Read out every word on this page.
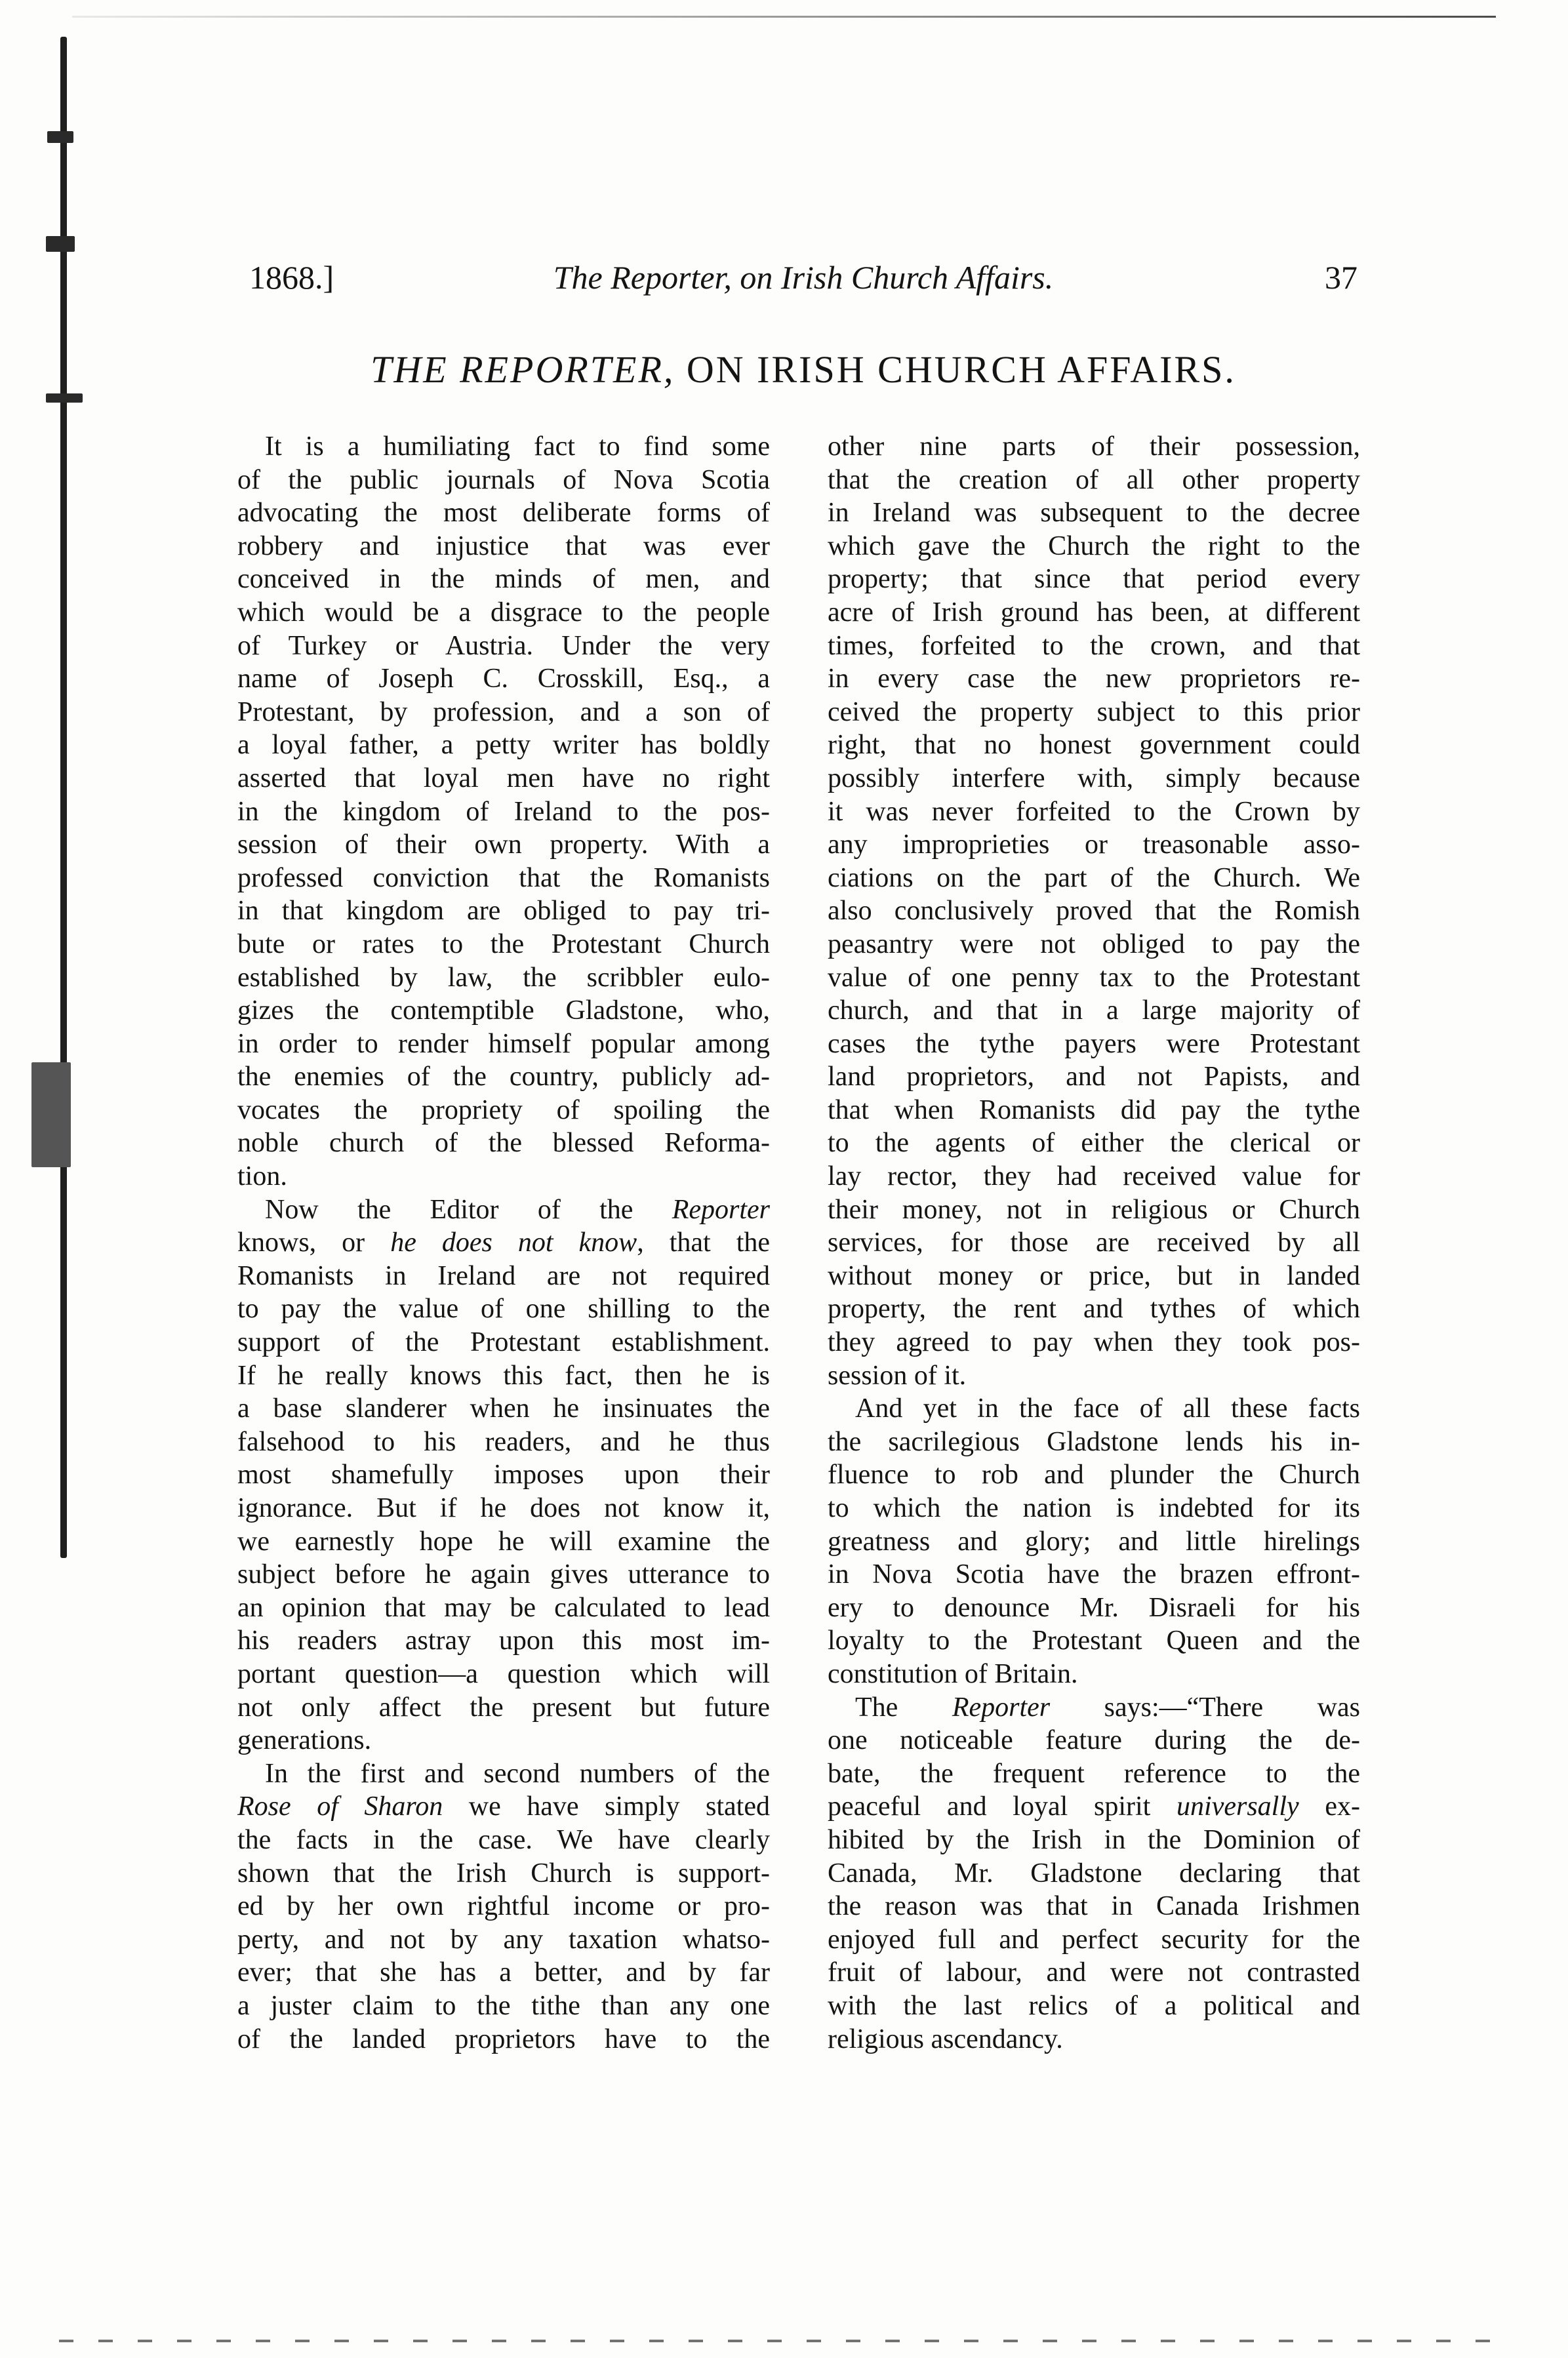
1868.]	The Reporter, on Irish Church Affairs.	37
THE REPORTER, ON IRISH CHURCH AFFAIRS.
It is a humiliating fact to find some
of the public journals of Nova Scotia
advocating the most deliberate forms of
robbery and injustice that was ever
conceived in the minds of men, and
which would be a disgrace to the people
of Turkey or Austria. Under the very
name of Joseph C. Crosskill, Esq., a
Protestant, by profession, and a son of
a loyal father, a petty writer has boldly
asserted that loyal men have no right
in the kingdom of Ireland to the pos-
session of their own property. With a
professed conviction that the Romanists
in that kingdom are obliged to pay tri-
bute or rates to the Protestant Church
established by law, the scribbler eulo-
gizes the contemptible Gladstone, who,
in order to render himself popular among
the enemies of the country, publicly ad-
vocates the propriety of spoiling the
noble church of the blessed Reforma-
tion.
Now the Editor of the Reporter
knows, or he does not know, that the
Romanists in Ireland are not required
to pay the value of one shilling to the
support of the Protestant establishment.
If he really knows this fact, then he is
a base slanderer when he insinuates the
falsehood to his readers, and he thus
most shamefully imposes upon their
ignorance. But if he does not know it,
we earnestly hope he will examine the
subject before he again gives utterance to
an opinion that may be calculated to lead
his readers astray upon this most im-
portant question—a question which will
not only affect the present but future
generations.
In the first and second numbers of the
Rose of Sharon we have simply stated
the facts in the case. We have clearly
shown that the Irish Church is support-
ed by her own rightful income or pro-
perty, and not by any taxation whatso-
ever; that she has a better, and by far
a juster claim to the tithe than any one
of the landed proprietors have to the
other nine parts of their possession,
that the creation of all other property
in Ireland was subsequent to the decree
which gave the Church the right to the
property; that since that period every
acre of Irish ground has been, at different
times, forfeited to the crown, and that
in every case the new proprietors re-
ceived the property subject to this prior
right, that no honest government could
possibly interfere with, simply because
it was never forfeited to the Crown by
any improprieties or treasonable asso-
ciations on the part of the Church. We
also conclusively proved that the Romish
peasantry were not obliged to pay the
value of one penny tax to the Protestant
church, and that in a large majority of
cases the tythe payers were Protestant
land proprietors, and not Papists, and
that when Romanists did pay the tythe
to the agents of either the clerical or
lay rector, they had received value for
their money, not in religious or Church
services, for those are received by all
without money or price, but in landed
property, the rent and tythes of which
they agreed to pay when they took pos-
session of it.
And yet in the face of all these facts
the sacrilegious Gladstone lends his in-
fluence to rob and plunder the Church
to which the nation is indebted for its
greatness and glory; and little hirelings
in Nova Scotia have the brazen effront-
ery to denounce Mr. Disraeli for his
loyalty to the Protestant Queen and the
constitution of Britain.
The Reporter says:—“There was
one noticeable feature during the de-
bate, the frequent reference to the
peaceful and loyal spirit universally ex-
hibited by the Irish in the Dominion of
Canada, Mr. Gladstone declaring that
the reason was that in Canada Irishmen
enjoyed full and perfect security for the
fruit of labour, and were not contrasted
with the last relics of a political and
religious ascendancy.
